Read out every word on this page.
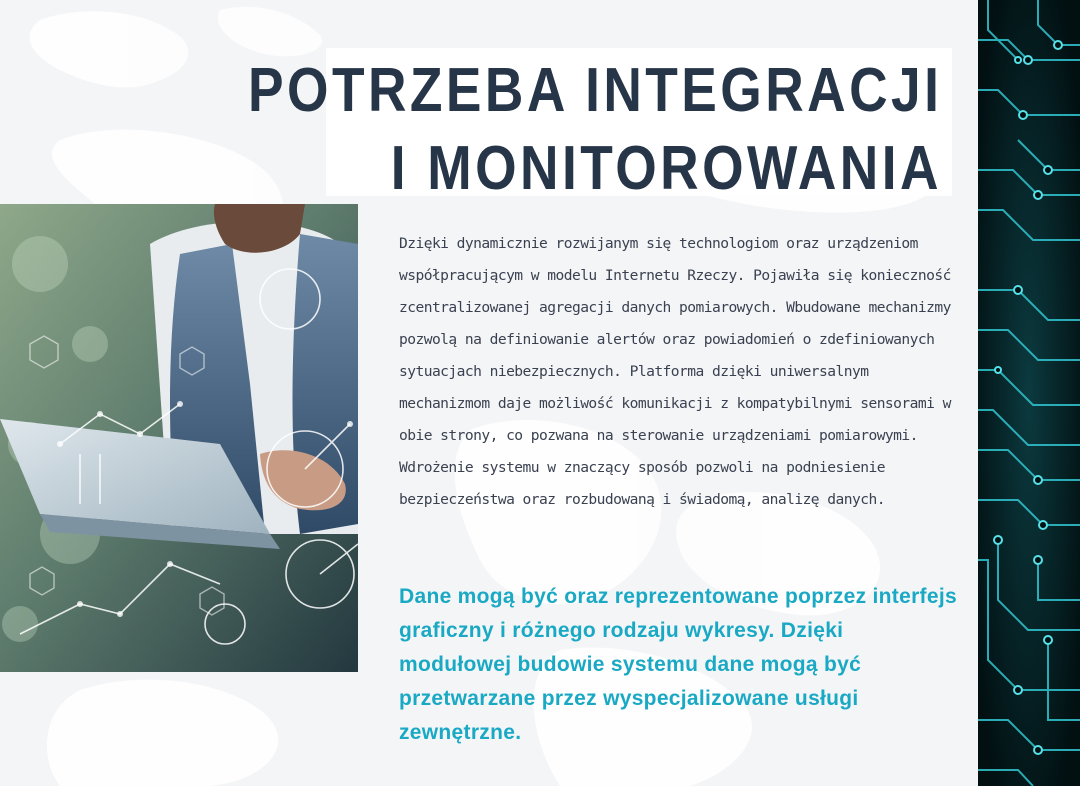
POTRZEBA INTEGRACJI
I MONITOROWANIA

Dzięki dynamicznie rozwijanym się technologiom oraz urządzeniom współpracującym w modelu Internetu Rzeczy. Pojawiła się konieczność zcentralizowanej agregacji danych pomiarowych. Wbudowane mechanizmy pozwolą na definiowanie alertów oraz powiadomień o zdefiniowanych sytuacjach niebezpiecznych. Platforma dzięki uniwersalnym mechanizmom daje możliwość komunikacji z kompatybilnymi sensorami w obie strony, co pozwana na sterowanie urządzeniami pomiarowymi. Wdrożenie systemu w znaczący sposób pozwoli na podniesienie bezpieczeństwa oraz rozbudowaną i świadomą, analizę danych.

Dane mogą być oraz reprezentowane poprzez interfejs graficzny i różnego rodzaju wykresy. Dzięki modułowej budowie systemu dane mogą być przetwarzane przez wyspecjalizowane usługi zewnętrzne.
